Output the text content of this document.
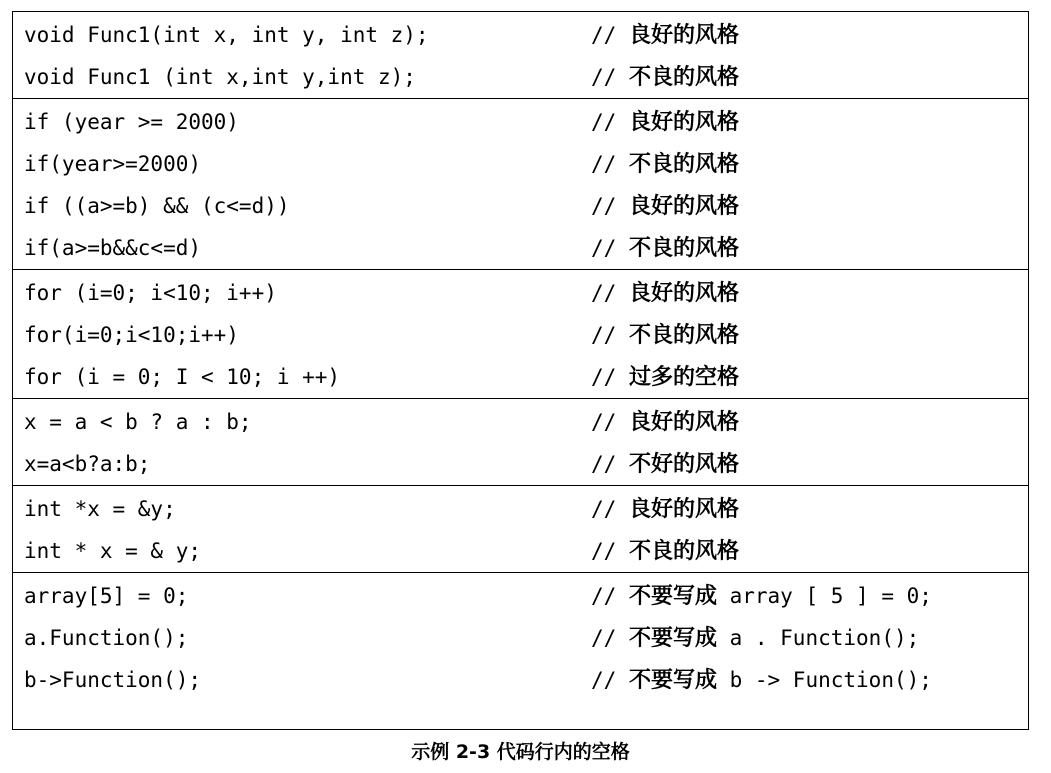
void Func1(int x, int y, int z);	// 良好的风格
void Func1 (int x,int y,int z);	// 不良的风格
if (year >= 2000)	// 良好的风格
if(year>=2000)	// 不良的风格
if ((a>=b) && (c<=d))	// 良好的风格
if(a>=b&&c<=d)	// 不良的风格
for (i=0; i<10; i++)	// 良好的风格
for(i=0;i<10;i++)	// 不良的风格
for (i = 0; I < 10; i ++)	// 过多的空格
x = a < b ? a : b;	// 良好的风格
x=a<b?a:b;	// 不好的风格
int *x = &y;	// 良好的风格
int * x = & y;	// 不良的风格
array[5] = 0;	// 不要写成 array [ 5 ] = 0;
a.Function();	// 不要写成 a . Function();
b->Function();	// 不要写成 b -> Function();
示例 2-3 代码行内的空格
